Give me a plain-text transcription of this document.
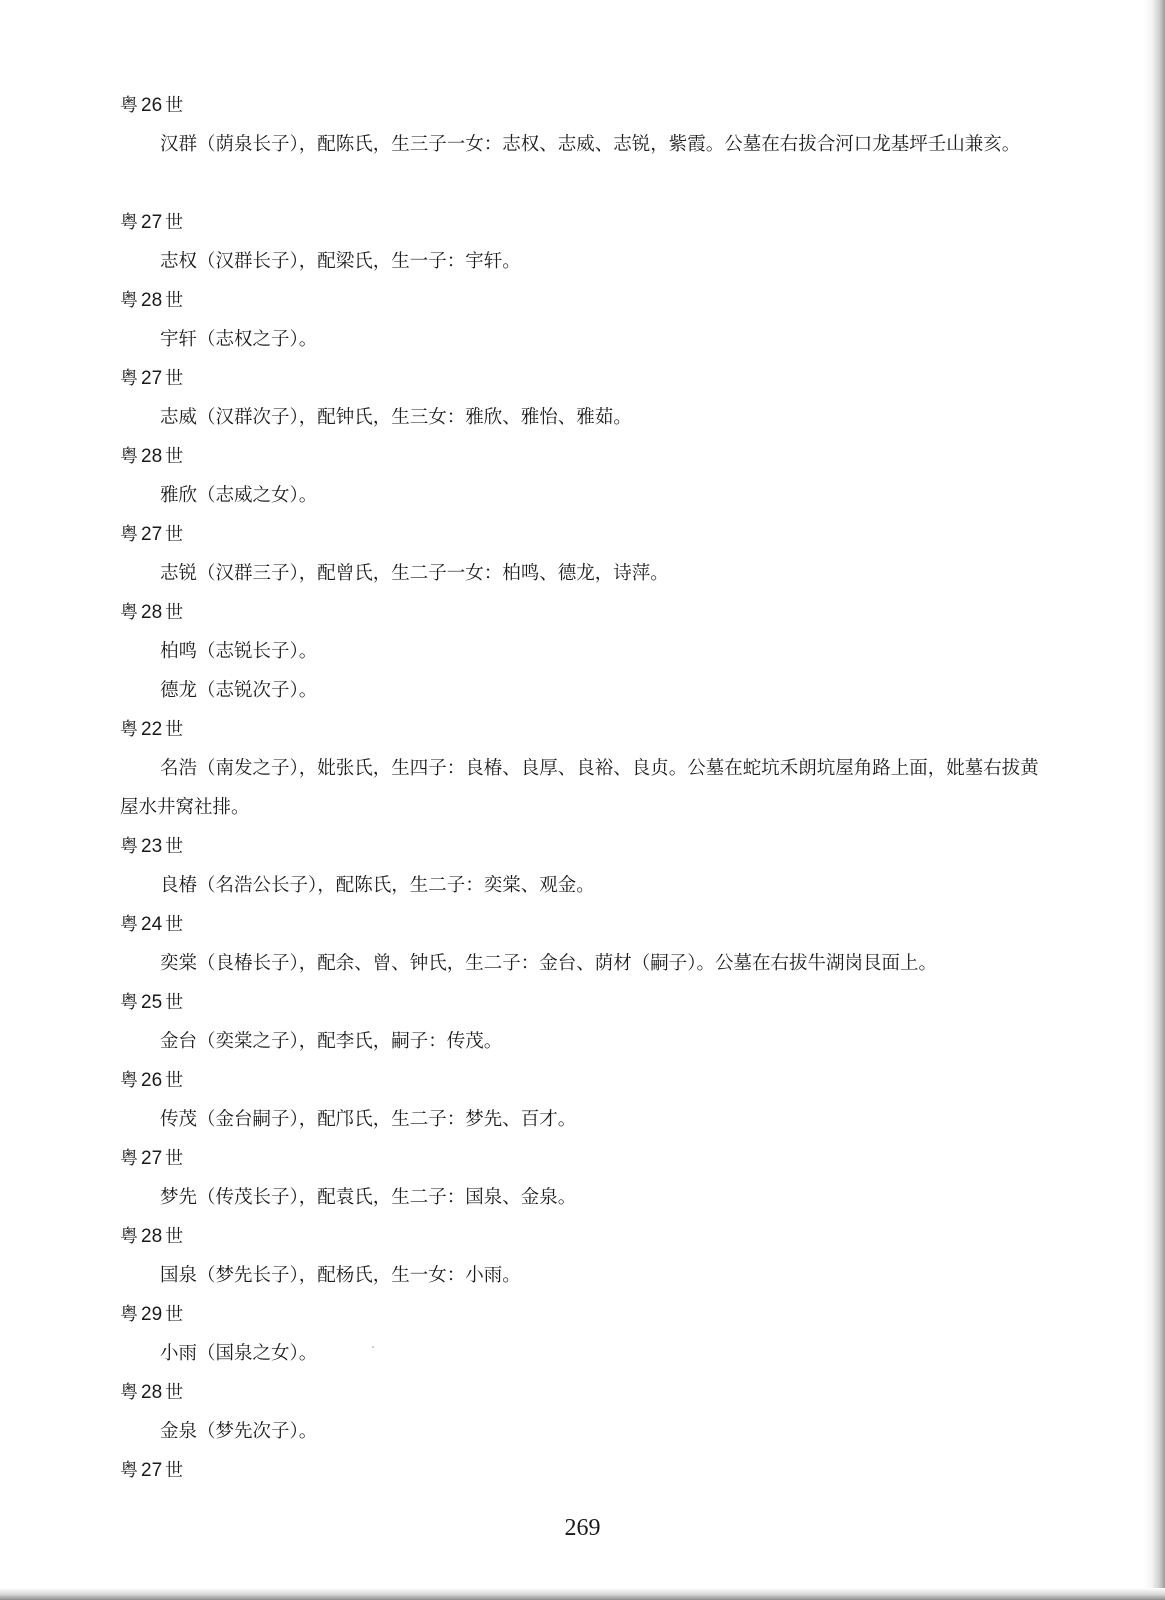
粤 26 世

汉群（荫泉长子），配陈氏，生三子一女：志权、志威、志锐，紫霞。公墓在右拔合河口龙基坪壬山兼亥。

粤 27 世

志权（汉群长子），配梁氏，生一子：宇轩。

粤 28 世

宇轩（志权之子）。

粤 27 世

志威（汉群次子），配钟氏，生三女：雅欣、雅怡、雅茹。

粤 28 世

雅欣（志威之女）。

粤 27 世

志锐（汉群三子），配曾氏，生二子一女：柏鸣、德龙，诗萍。

粤 28 世

柏鸣（志锐长子）。

德龙（志锐次子）。

粤 22 世

名浩（南发之子），妣张氏，生四子：良椿、良厚、良裕、良贞。公墓在蛇坑禾朗坑屋角路上面，妣墓右拔黄屋水井窝社排。

粤 23 世

良椿（名浩公长子），配陈氏，生二子：奕棠、观金。

粤 24 世

奕棠（良椿长子），配余、曾、钟氏，生二子：金台、荫材（嗣子）。公墓在右拔牛湖岗艮面上。

粤 25 世

金台（奕棠之子），配李氏，嗣子：传茂。

粤 26 世

传茂（金台嗣子），配邝氏，生二子：梦先、百才。

粤 27 世

梦先（传茂长子），配袁氏，生二子：国泉、金泉。

粤 28 世

国泉（梦先长子），配杨氏，生一女：小雨。

粤 29 世

小雨（国泉之女）。

粤 28 世

金泉（梦先次子）。

粤 27 世
269
